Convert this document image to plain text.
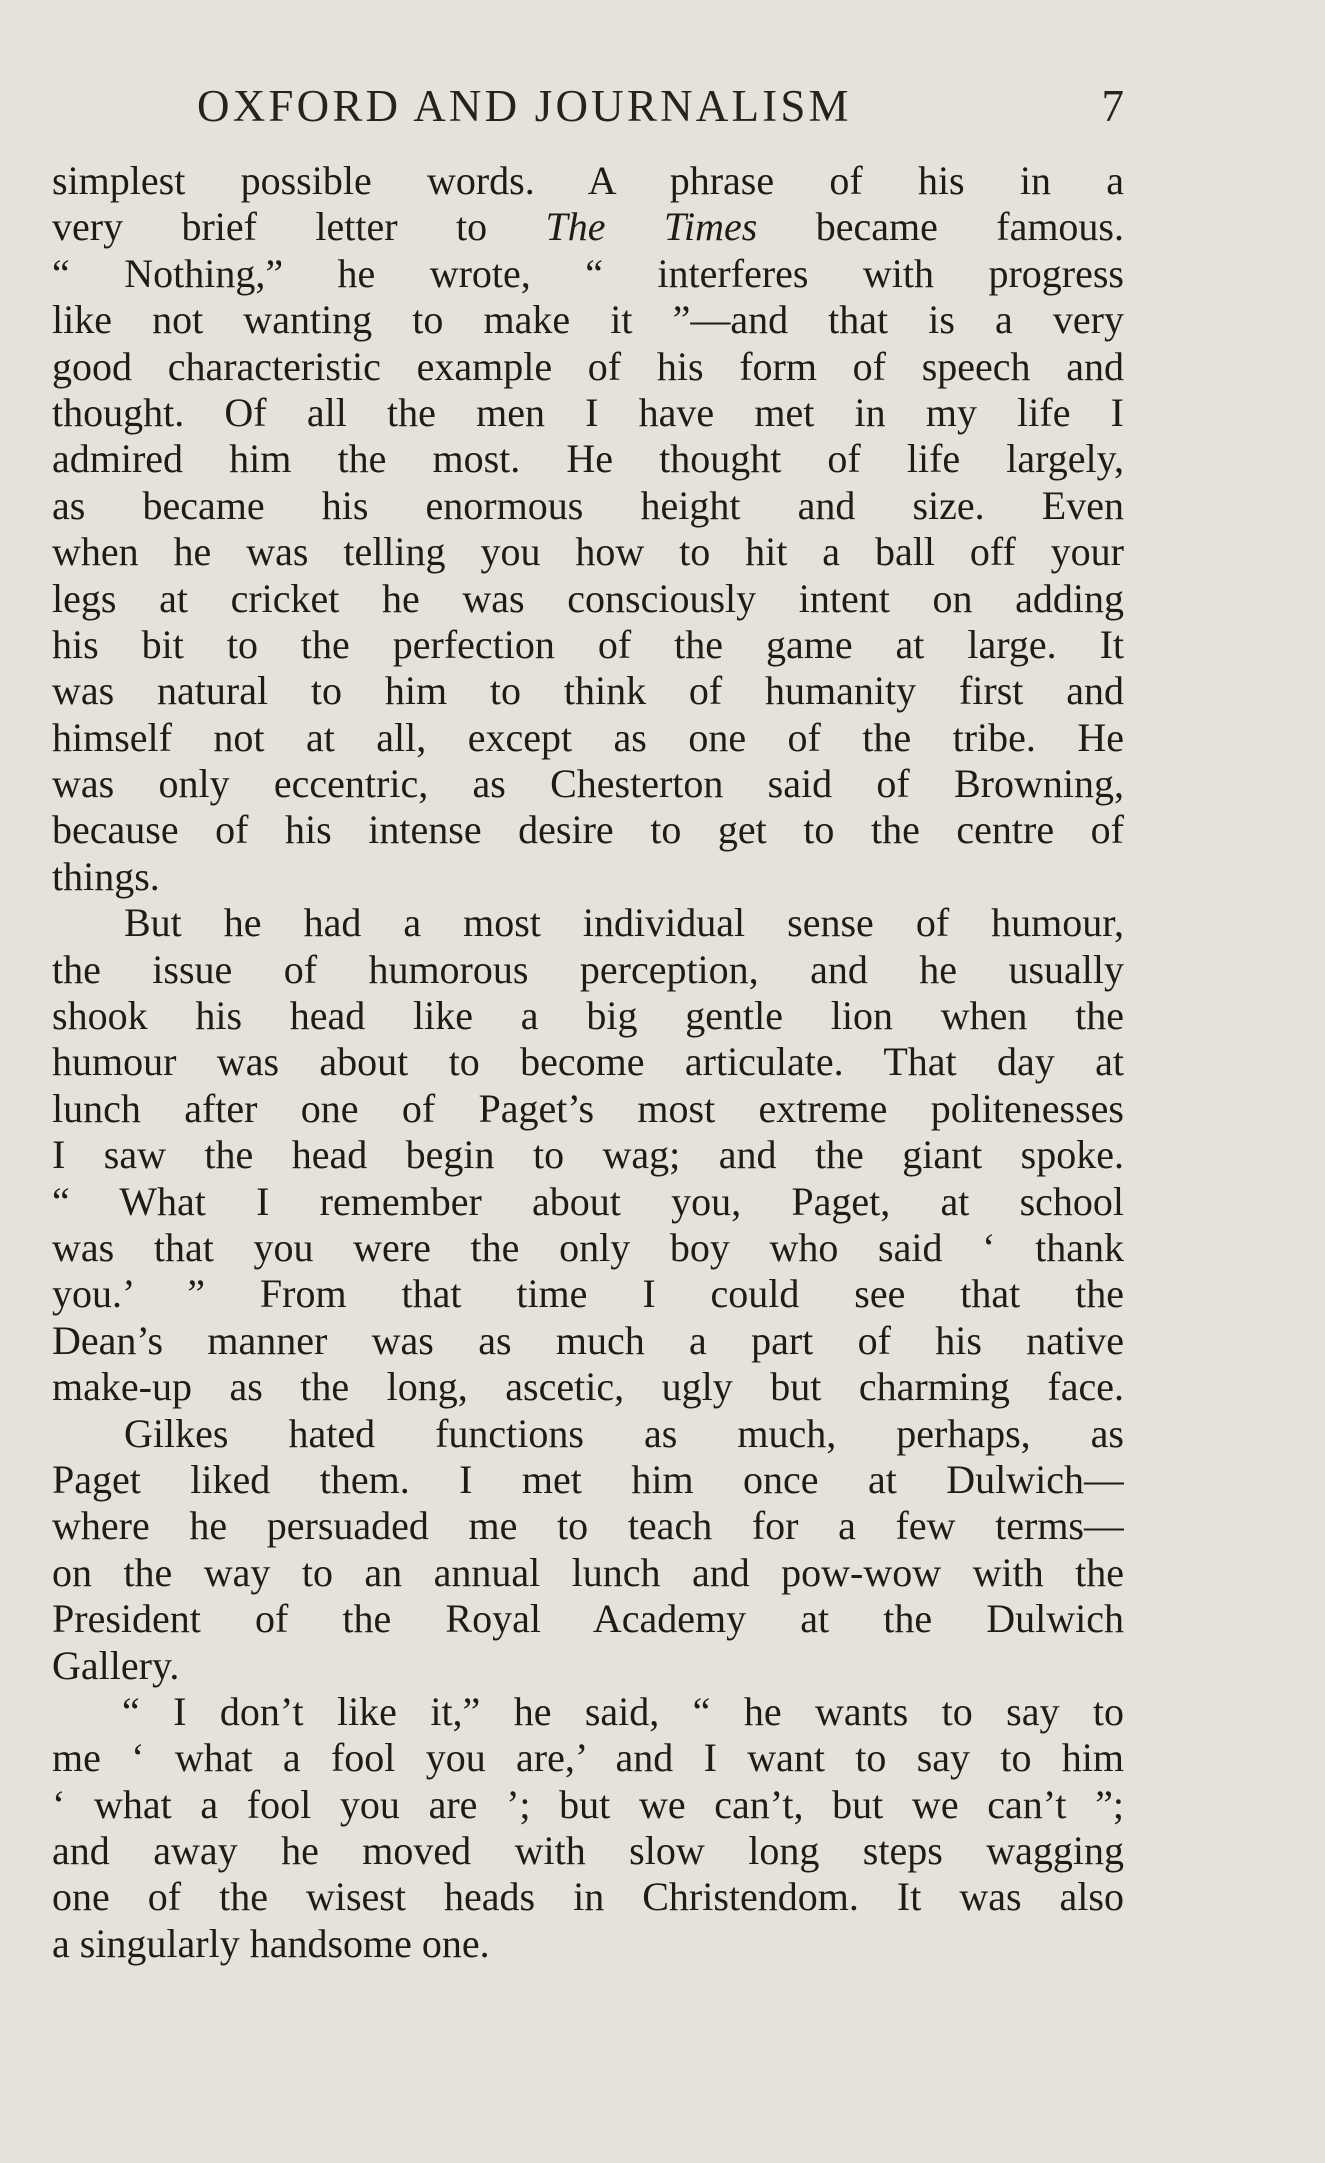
OXFORD AND JOURNALISM	7
simplest possible words. A phrase of his in a
very brief letter to The Times became famous.
“ Nothing,” he wrote, “ interferes with progress
like not wanting to make it ”—and that is a very
good characteristic example of his form of speech and
thought. Of all the men I have met in my life I
admired him the most. He thought of life largely,
as became his enormous height and size. Even
when he was telling you how to hit a ball off your
legs at cricket he was consciously intent on adding
his bit to the perfection of the game at large. It
was natural to him to think of humanity first and
himself not at all, except as one of the tribe. He
was only eccentric, as Chesterton said of Browning,
because of his intense desire to get to the centre of
things.
But he had a most individual sense of humour,
the issue of humorous perception, and he usually
shook his head like a big gentle lion when the
humour was about to become articulate. That day at
lunch after one of Paget’s most extreme politenesses
I saw the head begin to wag; and the giant spoke.
“ What I remember about you, Paget, at school
was that you were the only boy who said ‘ thank
you.’ ” From that time I could see that the
Dean’s manner was as much a part of his native
make-up as the long, ascetic, ugly but charming face.
Gilkes hated functions as much, perhaps, as
Paget liked them. I met him once at Dulwich—
where he persuaded me to teach for a few terms—
on the way to an annual lunch and pow-wow with the
President of the Royal Academy at the Dulwich
Gallery.
“ I don’t like it,” he said, “ he wants to say to
me ‘ what a fool you are,’ and I want to say to him
‘ what a fool you are ’; but we can’t, but we can’t ”;
and away he moved with slow long steps wagging
one of the wisest heads in Christendom. It was also
a singularly handsome one.
